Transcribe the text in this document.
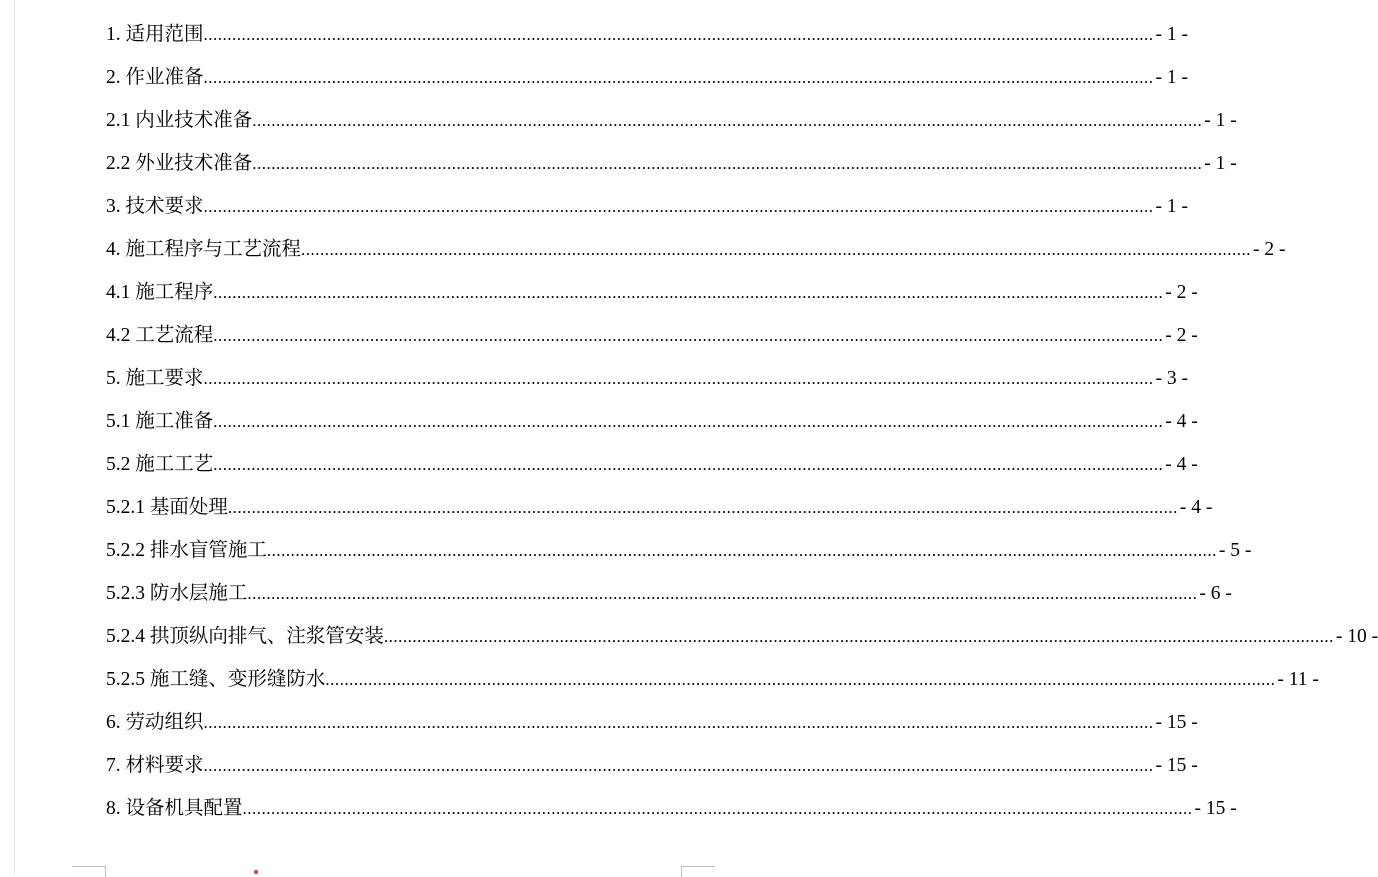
1. 适用范围 ........................................................................................................................................................................................................ - 1 -
2. 作业准备 ........................................................................................................................................................................................................ - 1 -
2.1 内业技术准备 ........................................................................................................................................................................................................ - 1 -
2.2 外业技术准备 ........................................................................................................................................................................................................ - 1 -
3. 技术要求 ........................................................................................................................................................................................................ - 1 -
4. 施工程序与工艺流程 ........................................................................................................................................................................................................ - 2 -
4.1 施工程序 ........................................................................................................................................................................................................ - 2 -
4.2 工艺流程 ........................................................................................................................................................................................................ - 2 -
5. 施工要求 ........................................................................................................................................................................................................ - 3 -
5.1 施工准备 ........................................................................................................................................................................................................ - 4 -
5.2 施工工艺 ........................................................................................................................................................................................................ - 4 -
5.2.1 基面处理 ........................................................................................................................................................................................................ - 4 -
5.2.2 排水盲管施工 ........................................................................................................................................................................................................ - 5 -
5.2.3 防水层施工 ........................................................................................................................................................................................................ - 6 -
5.2.4 拱顶纵向排气、注浆管安装 ........................................................................................................................................................................................................ - 10 -
5.2.5 施工缝、变形缝防水 ........................................................................................................................................................................................................ - 11 -
6. 劳动组织 ........................................................................................................................................................................................................ - 15 -
7. 材料要求 ........................................................................................................................................................................................................ - 15 -
8. 设备机具配置 ........................................................................................................................................................................................................ - 15 -
